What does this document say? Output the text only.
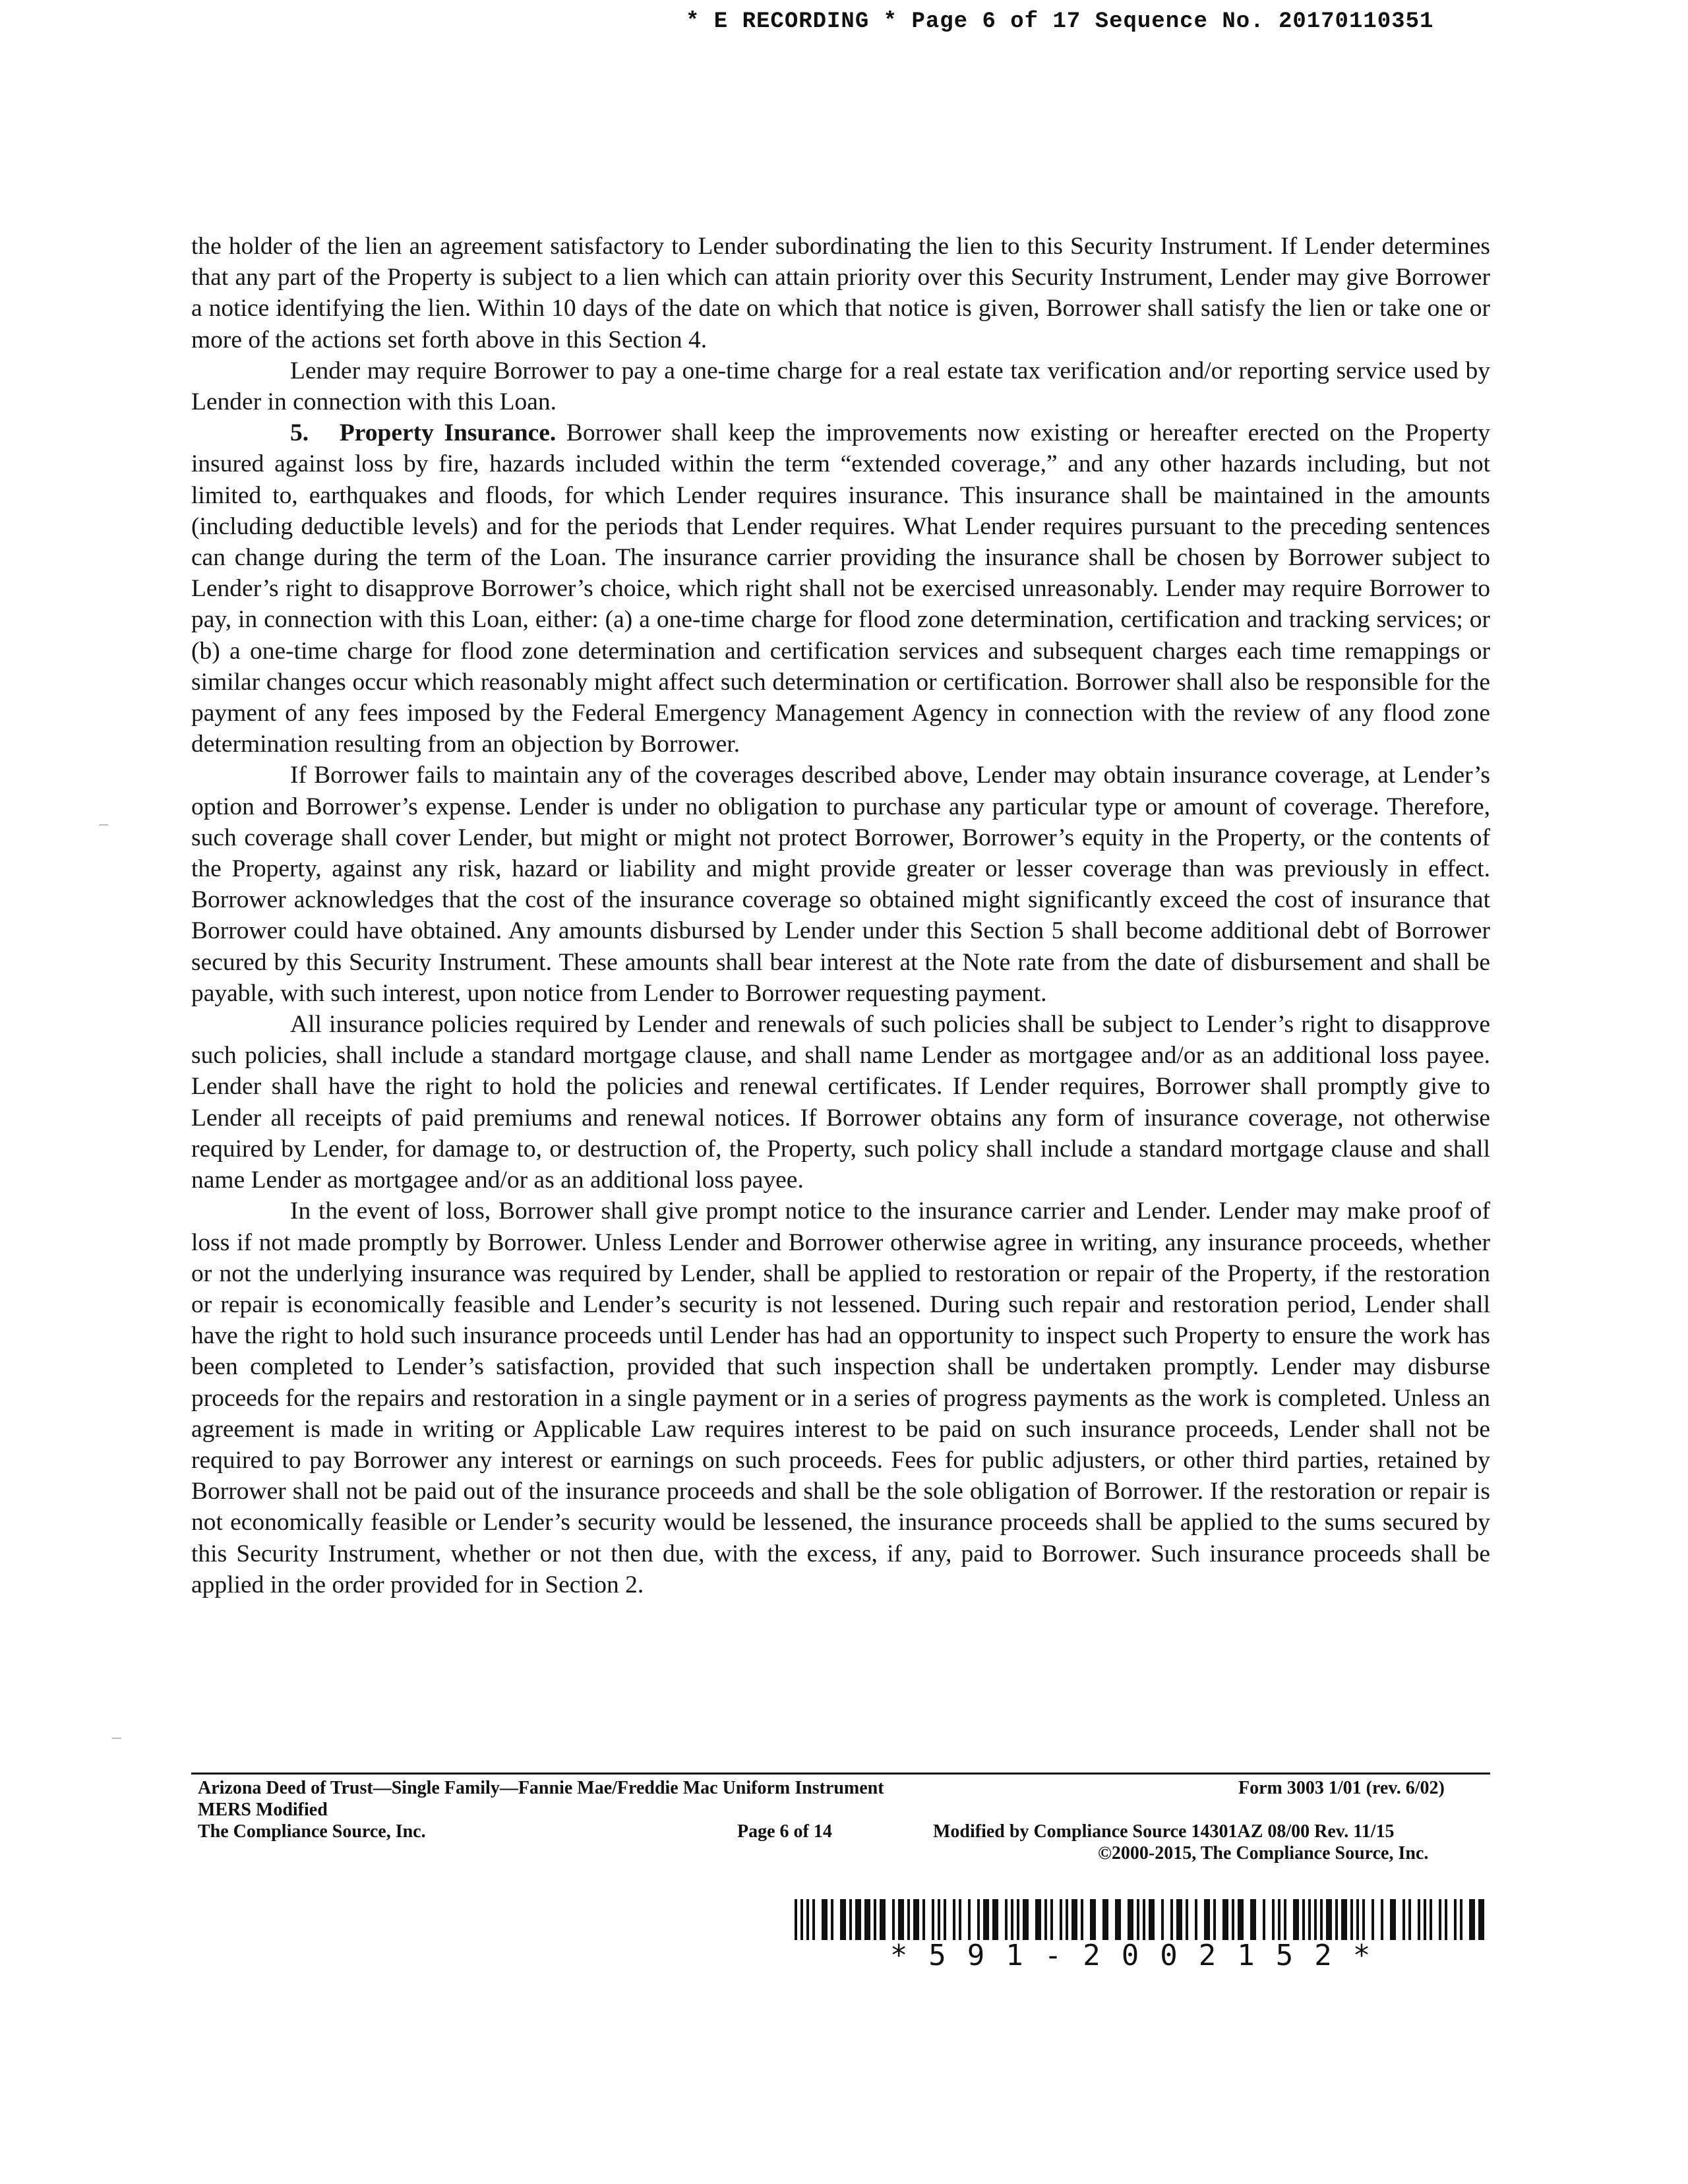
* E RECORDING * Page 6 of 17 Sequence No. 20170110351

the holder of the lien an agreement satisfactory to Lender subordinating the lien to this Security Instrument. If Lender determines that any part of the Property is subject to a lien which can attain priority over this Security Instrument, Lender may give Borrower a notice identifying the lien. Within 10 days of the date on which that notice is given, Borrower shall satisfy the lien or take one or more of the actions set forth above in this Section 4.

Lender may require Borrower to pay a one-time charge for a real estate tax verification and/or reporting service used by Lender in connection with this Loan.

5. Property Insurance. Borrower shall keep the improvements now existing or hereafter erected on the Property insured against loss by fire, hazards included within the term “extended coverage,” and any other hazards including, but not limited to, earthquakes and floods, for which Lender requires insurance. This insurance shall be maintained in the amounts (including deductible levels) and for the periods that Lender requires. What Lender requires pursuant to the preceding sentences can change during the term of the Loan. The insurance carrier providing the insurance shall be chosen by Borrower subject to Lender’s right to disapprove Borrower’s choice, which right shall not be exercised unreasonably. Lender may require Borrower to pay, in connection with this Loan, either: (a) a one-time charge for flood zone determination, certification and tracking services; or (b) a one-time charge for flood zone determination and certification services and subsequent charges each time remappings or similar changes occur which reasonably might affect such determination or certification. Borrower shall also be responsible for the payment of any fees imposed by the Federal Emergency Management Agency in connection with the review of any flood zone determination resulting from an objection by Borrower.

If Borrower fails to maintain any of the coverages described above, Lender may obtain insurance coverage, at Lender’s option and Borrower’s expense. Lender is under no obligation to purchase any particular type or amount of coverage. Therefore, such coverage shall cover Lender, but might or might not protect Borrower, Borrower’s equity in the Property, or the contents of the Property, against any risk, hazard or liability and might provide greater or lesser coverage than was previously in effect. Borrower acknowledges that the cost of the insurance coverage so obtained might significantly exceed the cost of insurance that Borrower could have obtained. Any amounts disbursed by Lender under this Section 5 shall become additional debt of Borrower secured by this Security Instrument. These amounts shall bear interest at the Note rate from the date of disbursement and shall be payable, with such interest, upon notice from Lender to Borrower requesting payment.

All insurance policies required by Lender and renewals of such policies shall be subject to Lender’s right to disapprove such policies, shall include a standard mortgage clause, and shall name Lender as mortgagee and/or as an additional loss payee. Lender shall have the right to hold the policies and renewal certificates. If Lender requires, Borrower shall promptly give to Lender all receipts of paid premiums and renewal notices. If Borrower obtains any form of insurance coverage, not otherwise required by Lender, for damage to, or destruction of, the Property, such policy shall include a standard mortgage clause and shall name Lender as mortgagee and/or as an additional loss payee.

In the event of loss, Borrower shall give prompt notice to the insurance carrier and Lender. Lender may make proof of loss if not made promptly by Borrower. Unless Lender and Borrower otherwise agree in writing, any insurance proceeds, whether or not the underlying insurance was required by Lender, shall be applied to restoration or repair of the Property, if the restoration or repair is economically feasible and Lender’s security is not lessened. During such repair and restoration period, Lender shall have the right to hold such insurance proceeds until Lender has had an opportunity to inspect such Property to ensure the work has been completed to Lender’s satisfaction, provided that such inspection shall be undertaken promptly. Lender may disburse proceeds for the repairs and restoration in a single payment or in a series of progress payments as the work is completed. Unless an agreement is made in writing or Applicable Law requires interest to be paid on such insurance proceeds, Lender shall not be required to pay Borrower any interest or earnings on such proceeds. Fees for public adjusters, or other third parties, retained by Borrower shall not be paid out of the insurance proceeds and shall be the sole obligation of Borrower. If the restoration or repair is not economically feasible or Lender’s security would be lessened, the insurance proceeds shall be applied to the sums secured by this Security Instrument, whether or not then due, with the excess, if any, paid to Borrower. Such insurance proceeds shall be applied in the order provided for in Section 2.

Arizona Deed of Trust—Single Family—Fannie Mae/Freddie Mac Uniform Instrument	Form 3003 1/01 (rev. 6/02)
MERS Modified
The Compliance Source, Inc.	Page 6 of 14	Modified by Compliance Source 14301AZ 08/00 Rev. 11/15
©2000-2015, The Compliance Source, Inc.
*591-2002152*
